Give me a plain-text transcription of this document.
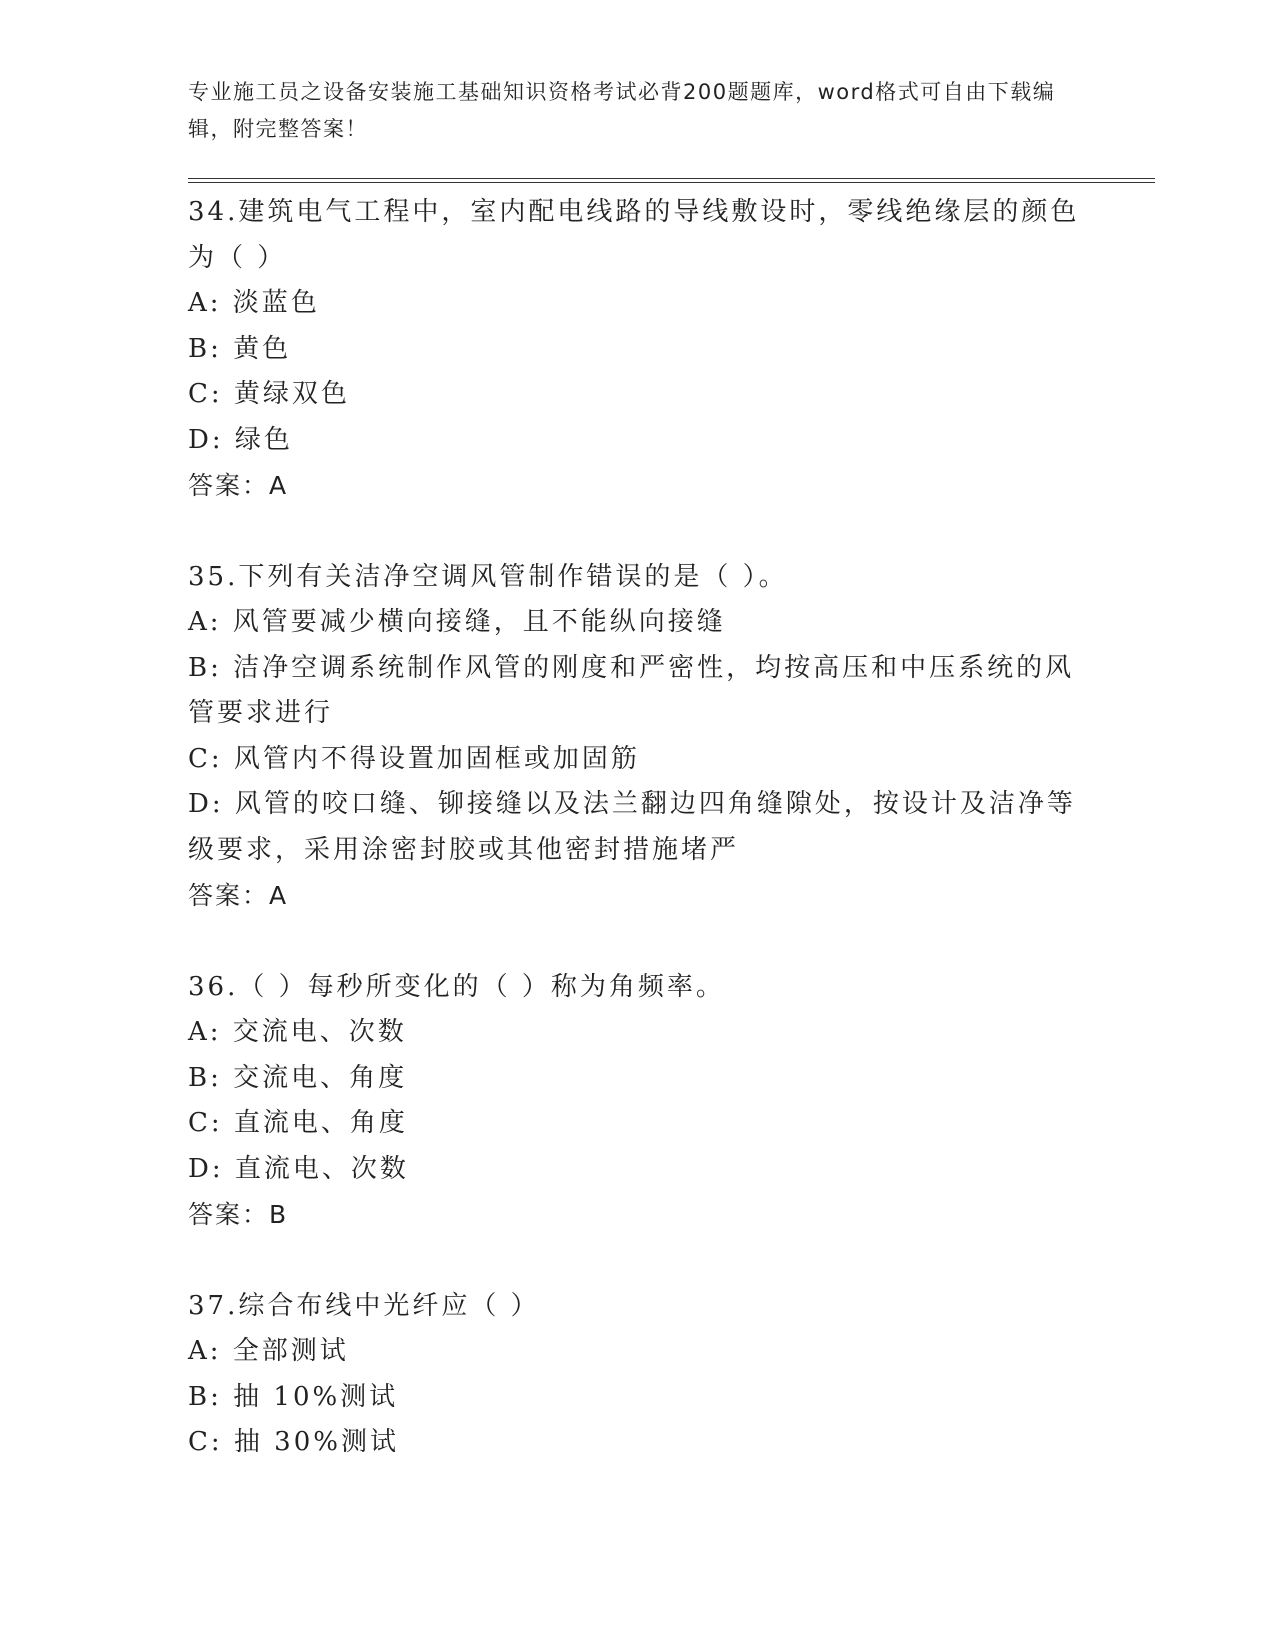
专业施工员之设备安装施工基础知识资格考试必背200题题库，word格式可自由下载编辑，附完整答案！

34.建筑电气工程中，室内配电线路的导线敷设时，零线绝缘层的颜色为（ ）

A: 淡蓝色

B: 黄色

C: 黄绿双色

D: 绿色

答案：A

35.下列有关洁净空调风管制作错误的是（ ）。

A: 风管要减少横向接缝，且不能纵向接缝

B: 洁净空调系统制作风管的刚度和严密性，均按高压和中压系统的风管要求进行

C: 风管内不得设置加固框或加固筋

D: 风管的咬口缝、铆接缝以及法兰翻边四角缝隙处，按设计及洁净等级要求，采用涂密封胶或其他密封措施堵严

答案：A

36.（ ）每秒所变化的（ ）称为角频率。

A: 交流电、次数

B: 交流电、角度

C: 直流电、角度

D: 直流电、次数

答案：B

37.综合布线中光纤应（ ）

A: 全部测试

B: 抽 10%测试

C: 抽 30%测试
